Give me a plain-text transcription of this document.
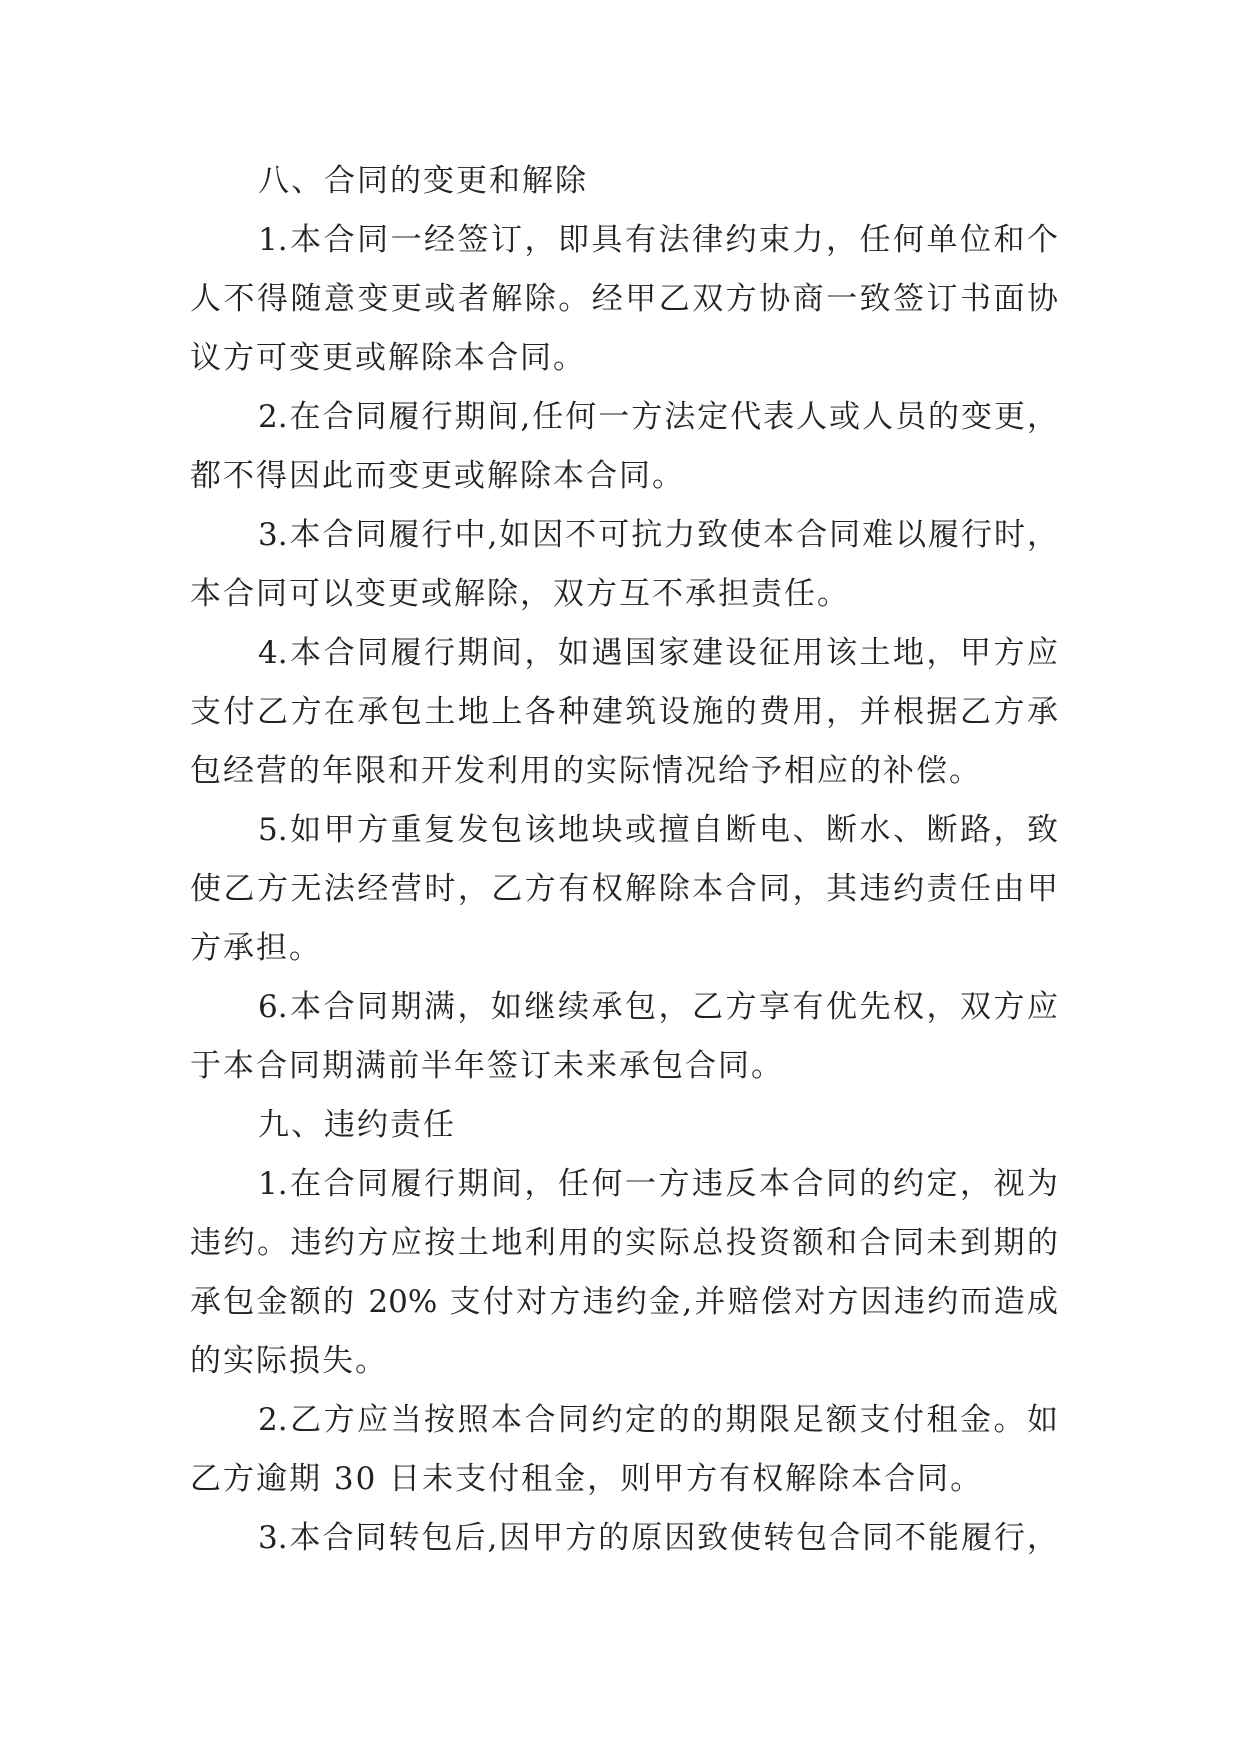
八、合同的变更和解除
1.本合同一经签订，即具有法律约束力，任何单位和个
人不得随意变更或者解除。经甲乙双方协商一致签订书面协
议方可变更或解除本合同。
2.在合同履行期间,任何一方法定代表人或人员的变更，
都不得因此而变更或解除本合同。
3.本合同履行中,如因不可抗力致使本合同难以履行时，
本合同可以变更或解除，双方互不承担责任。
4.本合同履行期间，如遇国家建设征用该土地，甲方应
支付乙方在承包土地上各种建筑设施的费用，并根据乙方承
包经营的年限和开发利用的实际情况给予相应的补偿。
5.如甲方重复发包该地块或擅自断电、断水、断路，致
使乙方无法经营时，乙方有权解除本合同，其违约责任由甲
方承担。
6.本合同期满，如继续承包，乙方享有优先权，双方应
于本合同期满前半年签订未来承包合同。
九、违约责任
1.在合同履行期间，任何一方违反本合同的约定，视为
违约。违约方应按土地利用的实际总投资额和合同未到期的
承包金额的 20% 支付对方违约金,并赔偿对方因违约而造成
的实际损失。
2.乙方应当按照本合同约定的的期限足额支付租金。如
乙方逾期 30 日未支付租金，则甲方有权解除本合同。
3.本合同转包后,因甲方的原因致使转包合同不能履行，
